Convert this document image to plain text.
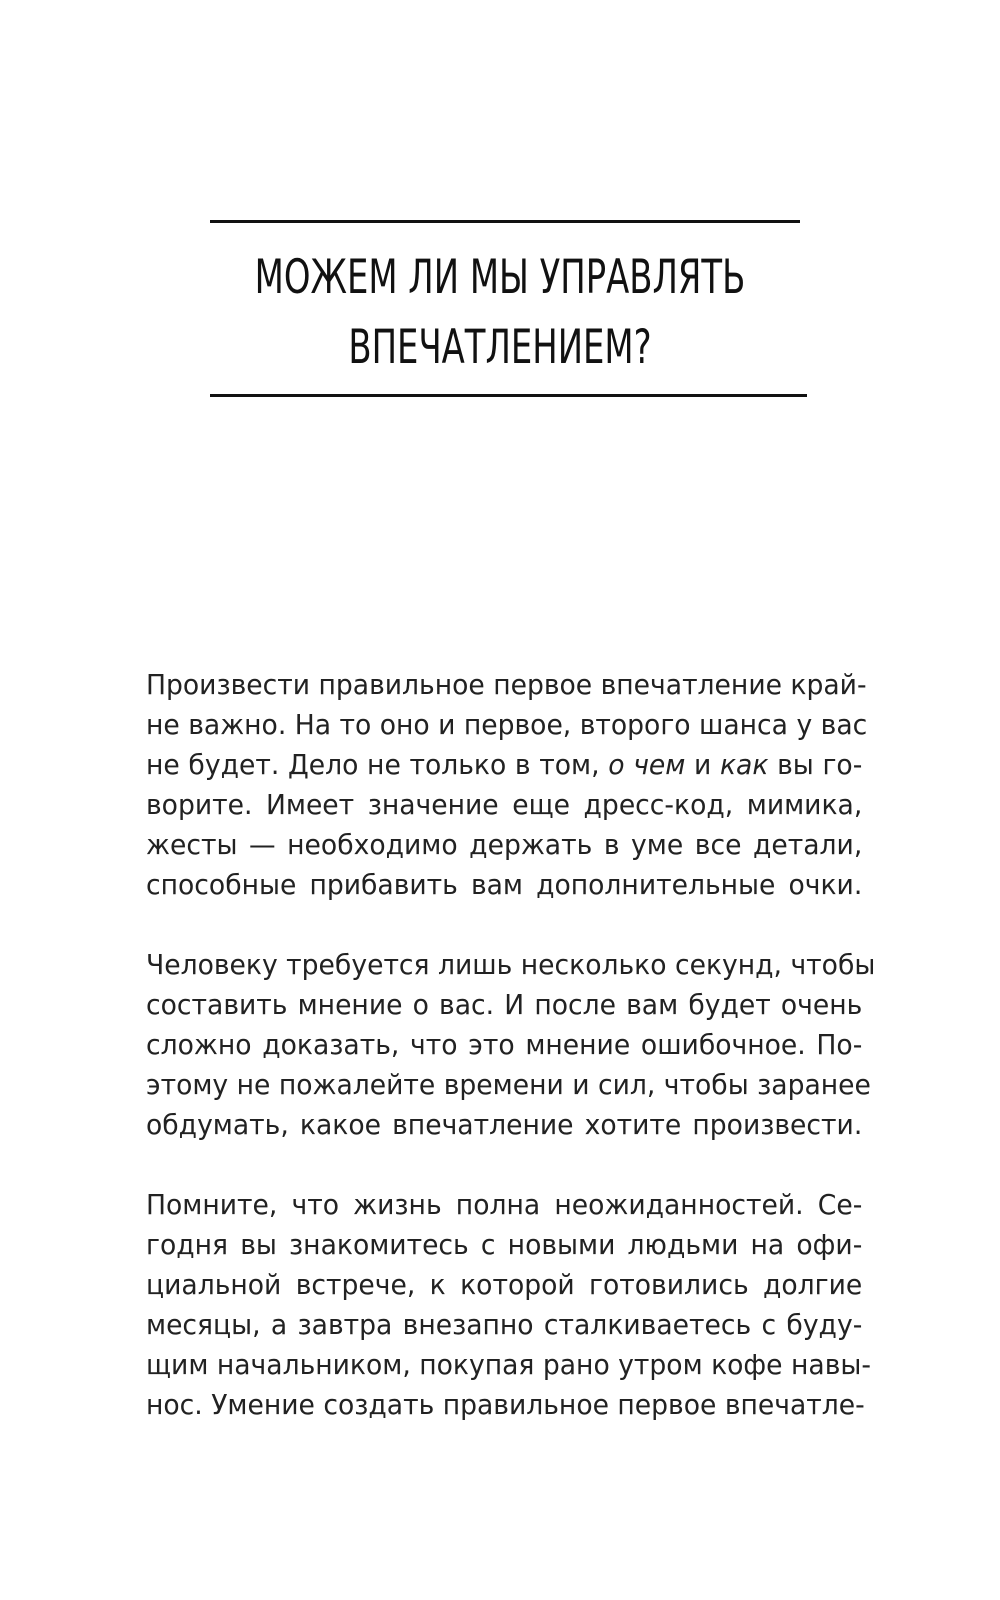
МОЖЕМ ЛИ МЫ УПРАВЛЯТЬ
ВПЕЧАТЛЕНИЕМ?
Произвести правильное первое впечатление край-
не важно. На то оно и первое, второго шанса у вас
не будет. Дело не только в том, о чем и как вы го-
ворите. Имеет значение еще дресс-код, мимика,
жесты — необходимо держать в уме все детали,
способные прибавить вам дополнительные очки.
Человеку требуется лишь несколько секунд, чтобы
составить мнение о вас. И после вам будет очень
сложно доказать, что это мнение ошибочное. По-
этому не пожалейте времени и сил, чтобы заранее
обдумать, какое впечатление хотите произвести.
Помните, что жизнь полна неожиданностей. Се-
годня вы знакомитесь с новыми людьми на офи-
циальной встрече, к которой готовились долгие
месяцы, а завтра внезапно сталкиваетесь с буду-
щим начальником, покупая рано утром кофе навы-
нос. Умение создать правильное первое впечатле-
